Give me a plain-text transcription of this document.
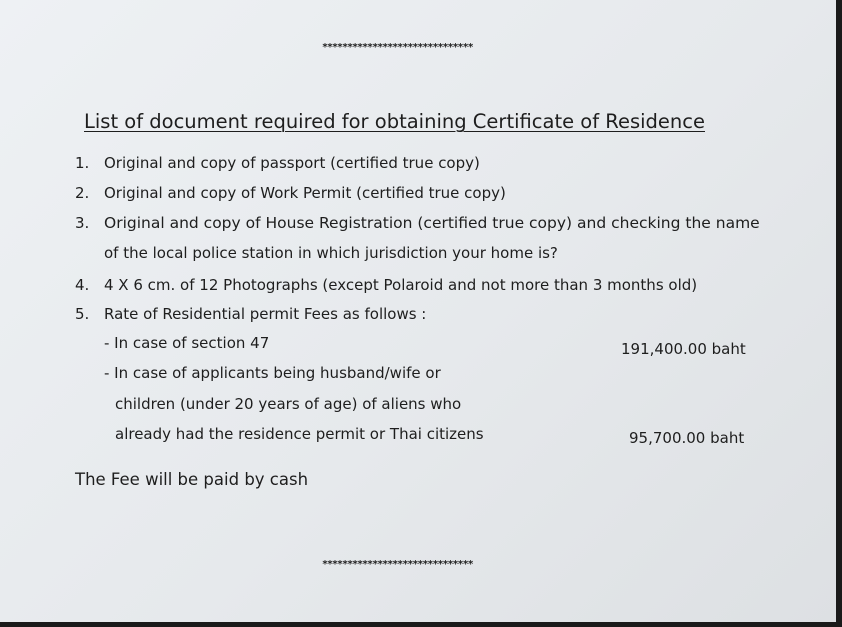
******************************
List of document required for obtaining Certificate of Residence
1. Original and copy of passport (certified true copy)
2. Original and copy of Work Permit (certified true copy)
3. Original and copy of House Registration (certified true copy) and checking the name
of the local police station in which jurisdiction your home is?
4. 4 X 6 cm. of 12 Photographs (except Polaroid and not more than 3 months old)
5. Rate of Residential permit Fees as follows :
- In case of section 47	191,400.00 baht
- In case of applicants being husband/wife or
children (under 20 years of age) of aliens who
already had the residence permit or Thai citizens	95,700.00 baht
The Fee will be paid by cash
******************************
